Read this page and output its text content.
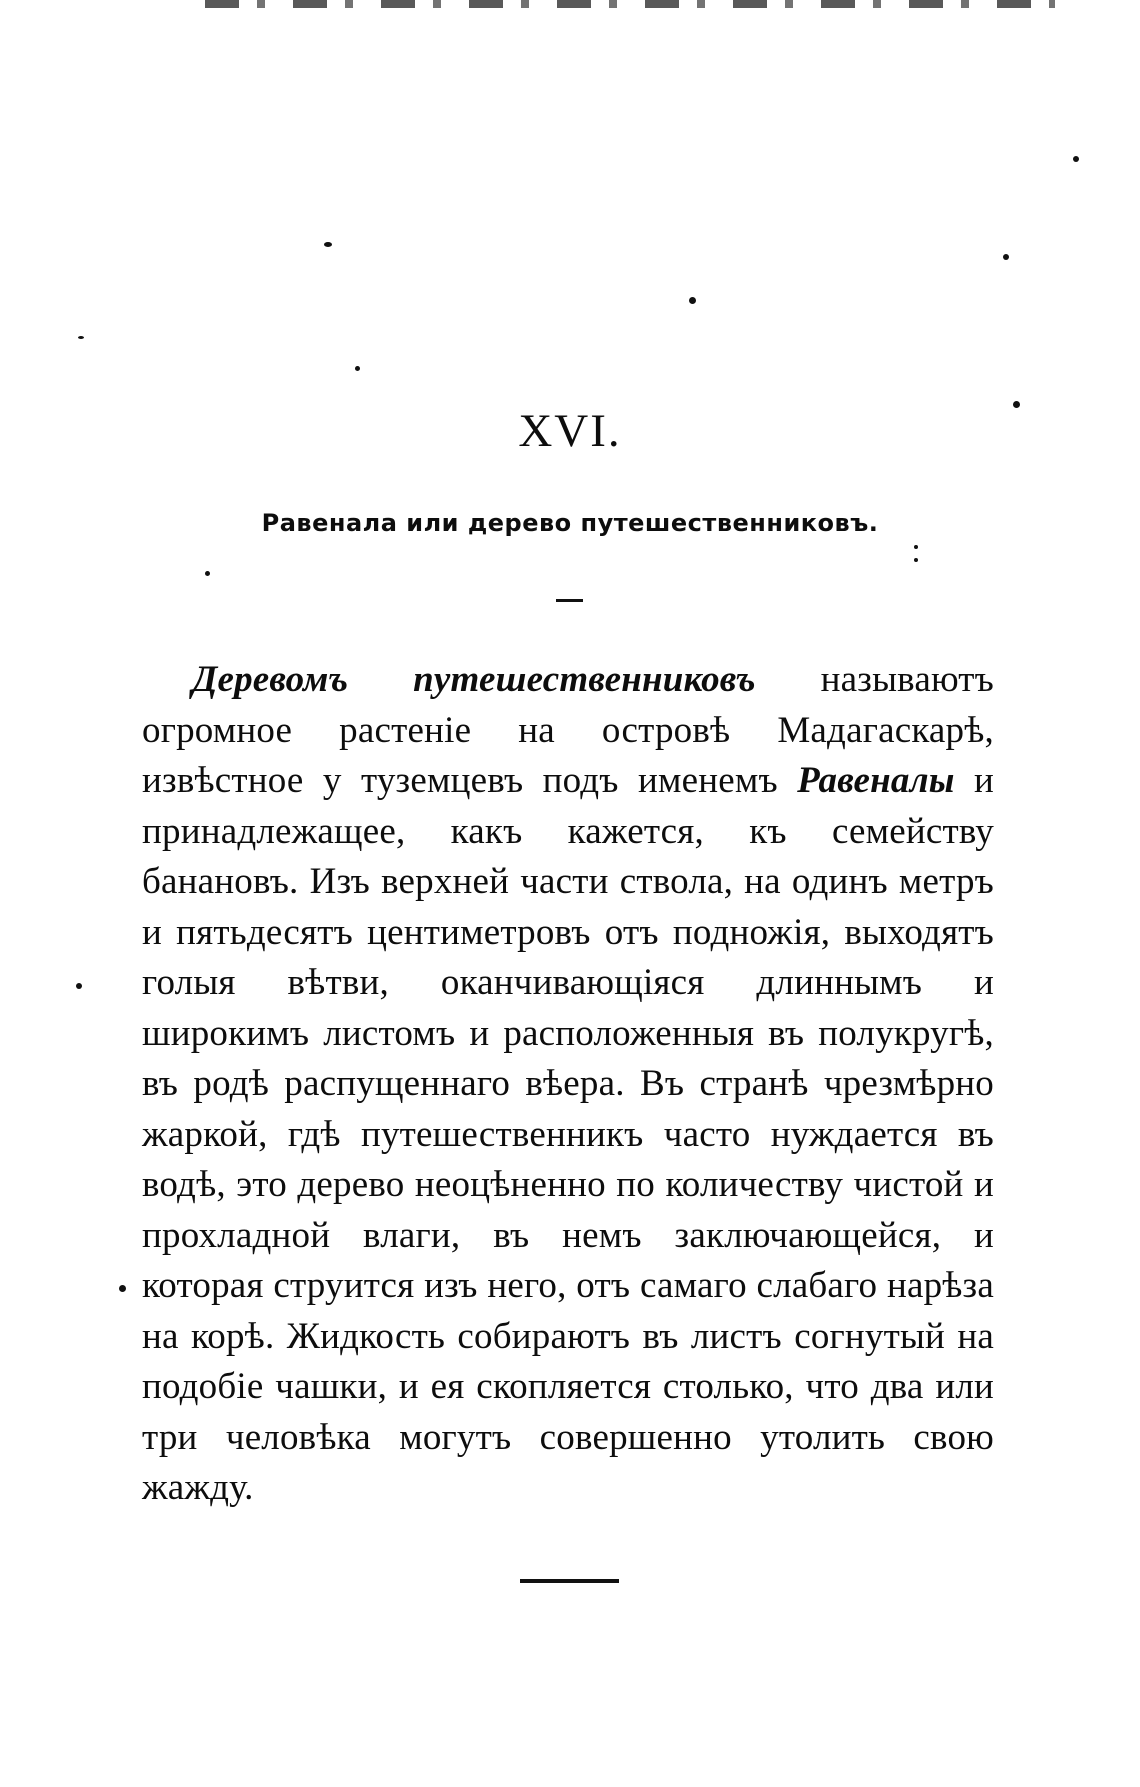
XVI.
Равенала или дерево путешественниковъ.

Деревомъ путешественниковъ называютъ огромное растеніе на островѣ Мадагаскарѣ, извѣстное у туземцевъ подъ именемъ Равеналы и принадлежащее, какъ кажется, къ семейству банановъ. Изъ верхней части ствола, на одинъ метръ и пятьдесятъ центиметровъ отъ подножія, выходятъ голыя вѣтви, оканчивающіяся длиннымъ и широкимъ листомъ и расположенныя въ полукругѣ, въ родѣ распущеннаго вѣера. Въ странѣ чрезмѣрно жаркой, гдѣ путешественникъ часто нуждается въ водѣ, это дерево неоцѣненно по количеству чистой и прохладной влаги, въ немъ заключающейся, и которая струится изъ него, отъ самаго слабаго нарѣза на корѣ. Жидкость собираютъ въ листъ согнутый на подобіе чашки, и ея скопляется столько, что два или три человѣка могутъ совершенно утолить свою жажду.
